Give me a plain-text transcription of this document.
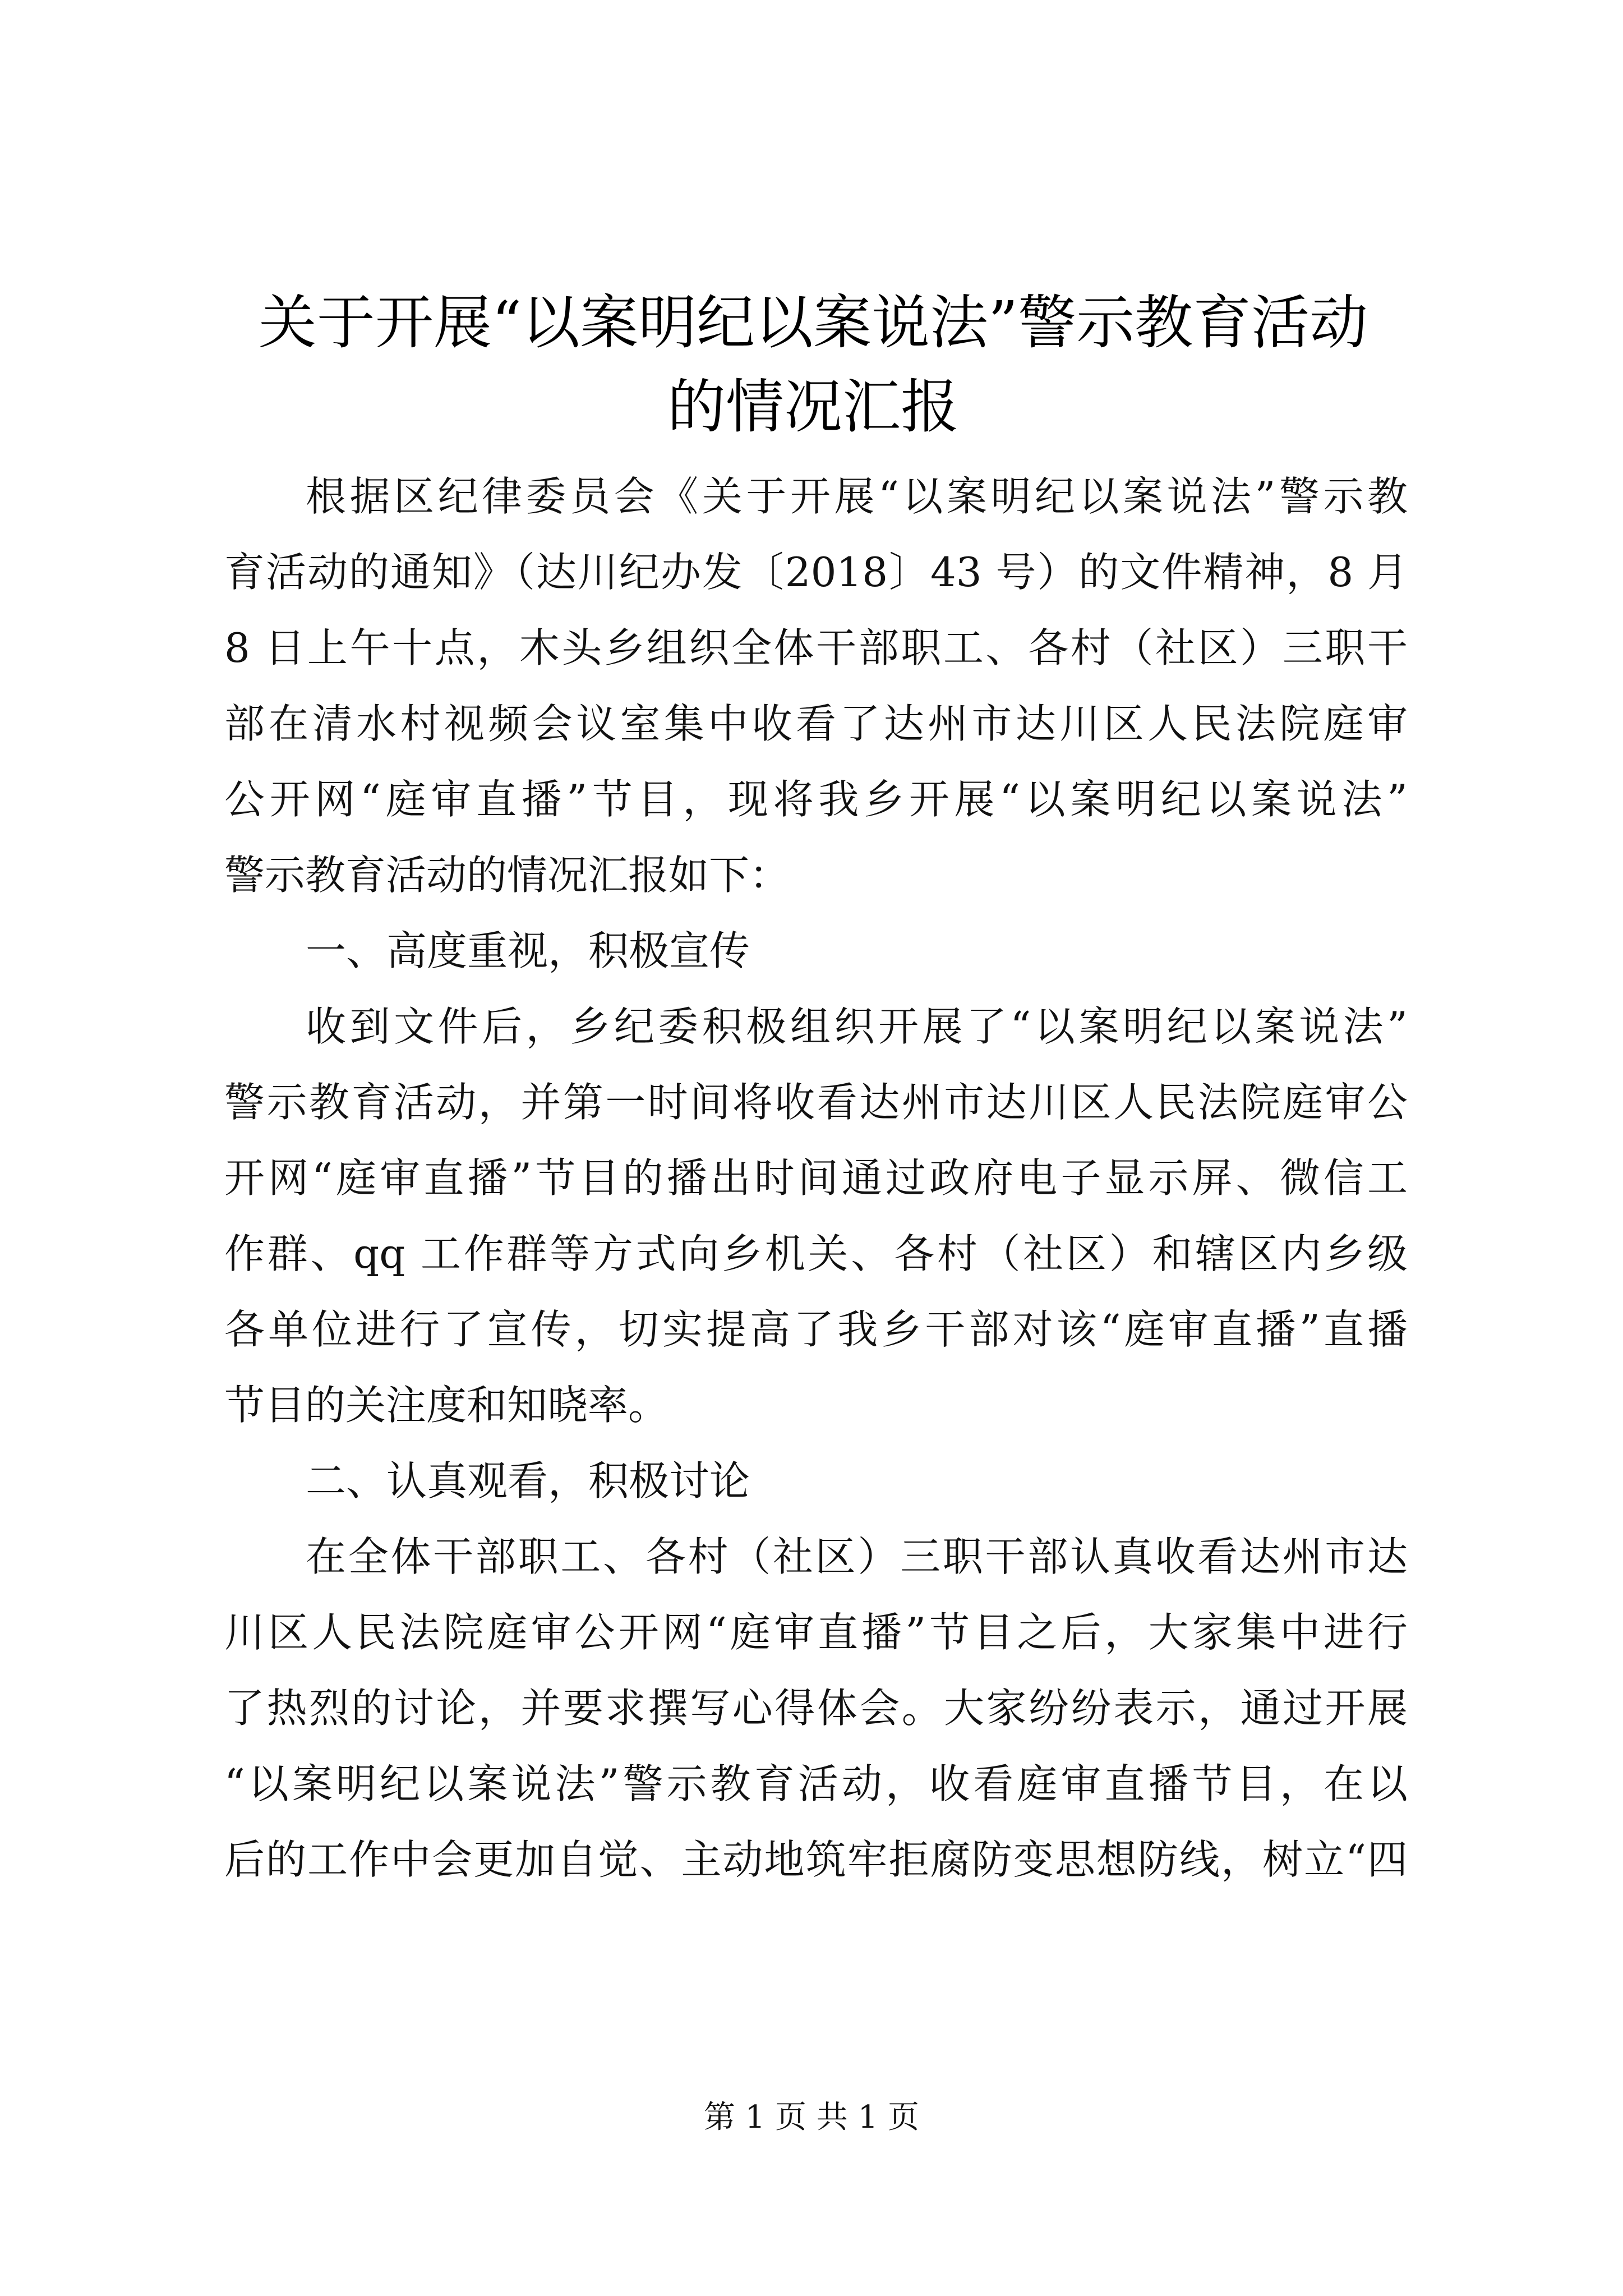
关于开展“以案明纪以案说法”警示教育活动
的情况汇报
根据区纪律委员会《关于开展“以案明纪以案说法”警示教
育活动的通知》（达川纪办发〔2018〕43 号）的文件精神，8 月
8 日上午十点，木头乡组织全体干部职工、各村（社区）三职干
部在清水村视频会议室集中收看了达州市达川区人民法院庭审
公开网“庭审直播”节目，现将我乡开展“以案明纪以案说法”
警示教育活动的情况汇报如下：
一、高度重视，积极宣传
收到文件后，乡纪委积极组织开展了“以案明纪以案说法”
警示教育活动，并第一时间将收看达州市达川区人民法院庭审公
开网“庭审直播”节目的播出时间通过政府电子显示屏、微信工
作群、qq 工作群等方式向乡机关、各村（社区）和辖区内乡级
各单位进行了宣传，切实提高了我乡干部对该“庭审直播”直播
节目的关注度和知晓率。
二、认真观看，积极讨论
在全体干部职工、各村（社区）三职干部认真收看达州市达
川区人民法院庭审公开网“庭审直播”节目之后，大家集中进行
了热烈的讨论，并要求撰写心得体会。大家纷纷表示，通过开展
“以案明纪以案说法”警示教育活动，收看庭审直播节目，在以
后的工作中会更加自觉、主动地筑牢拒腐防变思想防线，树立“四
第 1 页 共 1 页
